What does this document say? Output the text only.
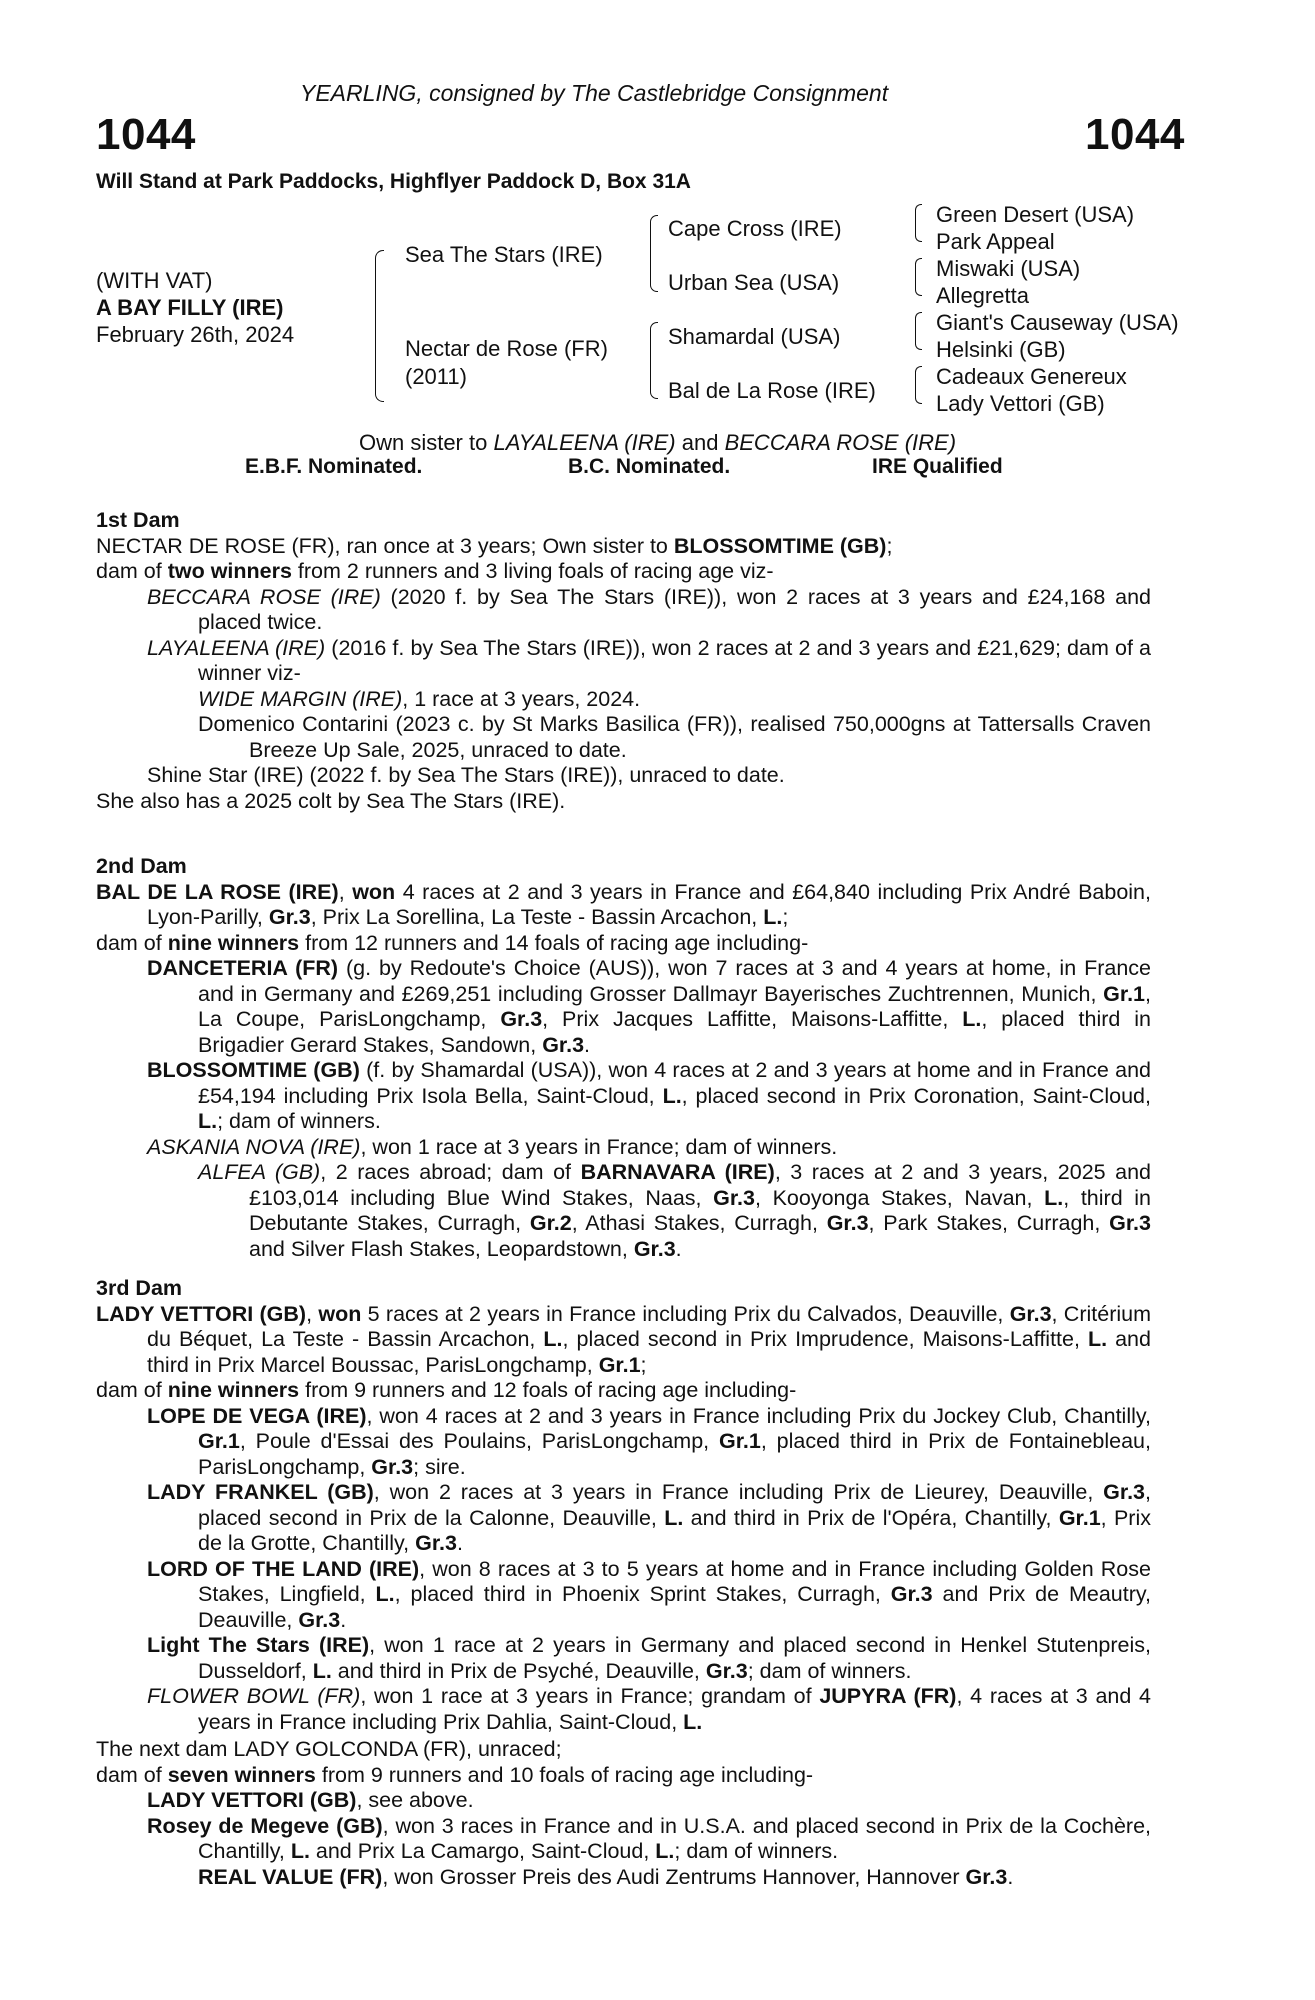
YEARLING, consigned by The Castlebridge Consignment
1044	1044
Will Stand at Park Paddocks, Highflyer Paddock D, Box 31A
(WITH VAT)
A BAY FILLY (IRE)
February 26th, 2024
Sea The Stars (IRE)
Nectar de Rose (FR)
(2011)
Cape Cross (IRE)
Urban Sea (USA)
Shamardal (USA)
Bal de La Rose (IRE)
Green Desert (USA)
Park Appeal
Miswaki (USA)
Allegretta
Giant's Causeway (USA)
Helsinki (GB)
Cadeaux Genereux
Lady Vettori (GB)
Own sister to LAYALEENA (IRE) and BECCARA ROSE (IRE)
E.B.F. Nominated.	B.C. Nominated.	IRE Qualified
1st Dam
NECTAR DE ROSE (FR), ran once at 3 years; Own sister to BLOSSOMTIME (GB);
dam of two winners from 2 runners and 3 living foals of racing age viz-
BECCARA ROSE (IRE) (2020 f. by Sea The Stars (IRE)), won 2 races at 3 years and £24,168 and placed twice.
LAYALEENA (IRE) (2016 f. by Sea The Stars (IRE)), won 2 races at 2 and 3 years and £21,629; dam of a winner viz-
WIDE MARGIN (IRE), 1 race at 3 years, 2024.
Domenico Contarini (2023 c. by St Marks Basilica (FR)), realised 750,000gns at Tattersalls Craven Breeze Up Sale, 2025, unraced to date.
Shine Star (IRE) (2022 f. by Sea The Stars (IRE)), unraced to date.
She also has a 2025 colt by Sea The Stars (IRE).
2nd Dam
BAL DE LA ROSE (IRE), won 4 races at 2 and 3 years in France and £64,840 including Prix André Baboin, Lyon-Parilly, Gr.3, Prix La Sorellina, La Teste - Bassin Arcachon, L.;
dam of nine winners from 12 runners and 14 foals of racing age including-
DANCETERIA (FR) (g. by Redoute's Choice (AUS)), won 7 races at 3 and 4 years at home, in France and in Germany and £269,251 including Grosser Dallmayr Bayerisches Zuchtrennen, Munich, Gr.1, La Coupe, ParisLongchamp, Gr.3, Prix Jacques Laffitte, Maisons-Laffitte, L., placed third in Brigadier Gerard Stakes, Sandown, Gr.3.
BLOSSOMTIME (GB) (f. by Shamardal (USA)), won 4 races at 2 and 3 years at home and in France and £54,194 including Prix Isola Bella, Saint-Cloud, L., placed second in Prix Coronation, Saint-Cloud, L.; dam of winners.
ASKANIA NOVA (IRE), won 1 race at 3 years in France; dam of winners.
ALFEA (GB), 2 races abroad; dam of BARNAVARA (IRE), 3 races at 2 and 3 years, 2025 and £103,014 including Blue Wind Stakes, Naas, Gr.3, Kooyonga Stakes, Navan, L., third in Debutante Stakes, Curragh, Gr.2, Athasi Stakes, Curragh, Gr.3, Park Stakes, Curragh, Gr.3 and Silver Flash Stakes, Leopardstown, Gr.3.
3rd Dam
LADY VETTORI (GB), won 5 races at 2 years in France including Prix du Calvados, Deauville, Gr.3, Critérium du Béquet, La Teste - Bassin Arcachon, L., placed second in Prix Imprudence, Maisons-Laffitte, L. and third in Prix Marcel Boussac, ParisLongchamp, Gr.1;
dam of nine winners from 9 runners and 12 foals of racing age including-
LOPE DE VEGA (IRE), won 4 races at 2 and 3 years in France including Prix du Jockey Club, Chantilly, Gr.1, Poule d'Essai des Poulains, ParisLongchamp, Gr.1, placed third in Prix de Fontainebleau, ParisLongchamp, Gr.3; sire.
LADY FRANKEL (GB), won 2 races at 3 years in France including Prix de Lieurey, Deauville, Gr.3, placed second in Prix de la Calonne, Deauville, L. and third in Prix de l'Opéra, Chantilly, Gr.1, Prix de la Grotte, Chantilly, Gr.3.
LORD OF THE LAND (IRE), won 8 races at 3 to 5 years at home and in France including Golden Rose Stakes, Lingfield, L., placed third in Phoenix Sprint Stakes, Curragh, Gr.3 and Prix de Meautry, Deauville, Gr.3.
Light The Stars (IRE), won 1 race at 2 years in Germany and placed second in Henkel Stutenpreis, Dusseldorf, L. and third in Prix de Psyché, Deauville, Gr.3; dam of winners.
FLOWER BOWL (FR), won 1 race at 3 years in France; grandam of JUPYRA (FR), 4 races at 3 and 4 years in France including Prix Dahlia, Saint-Cloud, L.
The next dam LADY GOLCONDA (FR), unraced;
dam of seven winners from 9 runners and 10 foals of racing age including-
LADY VETTORI (GB), see above.
Rosey de Megeve (GB), won 3 races in France and in U.S.A. and placed second in Prix de la Cochère, Chantilly, L. and Prix La Camargo, Saint-Cloud, L.; dam of winners.
REAL VALUE (FR), won Grosser Preis des Audi Zentrums Hannover, Hannover Gr.3.
